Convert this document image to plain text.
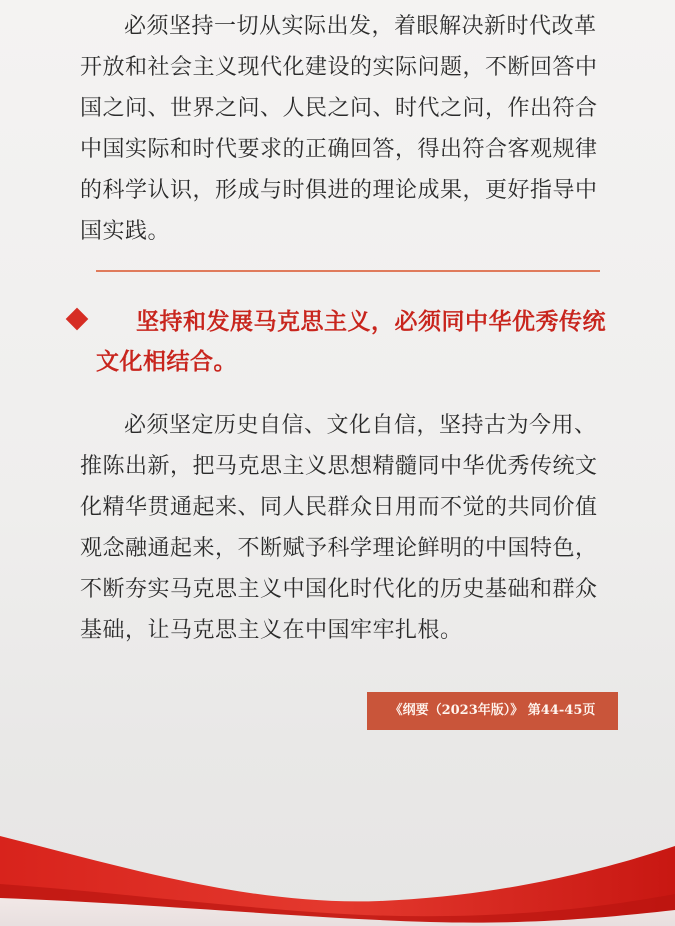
必须坚持一切从实际出发，着眼解决新时代改革开放和社会主义现代化建设的实际问题，不断回答中国之问、世界之问、人民之问、时代之问，作出符合中国实际和时代要求的正确回答，得出符合客观规律的科学认识，形成与时俱进的理论成果，更好指导中国实践。

坚持和发展马克思主义，必须同中华优秀传统文化相结合。

必须坚定历史自信、文化自信，坚持古为今用、推陈出新，把马克思主义思想精髓同中华优秀传统文化精华贯通起来、同人民群众日用而不觉的共同价值观念融通起来，不断赋予科学理论鲜明的中国特色，不断夯实马克思主义中国化时代化的历史基础和群众基础，让马克思主义在中国牢牢扎根。

《纲要（2023年版）》 第44-45页
